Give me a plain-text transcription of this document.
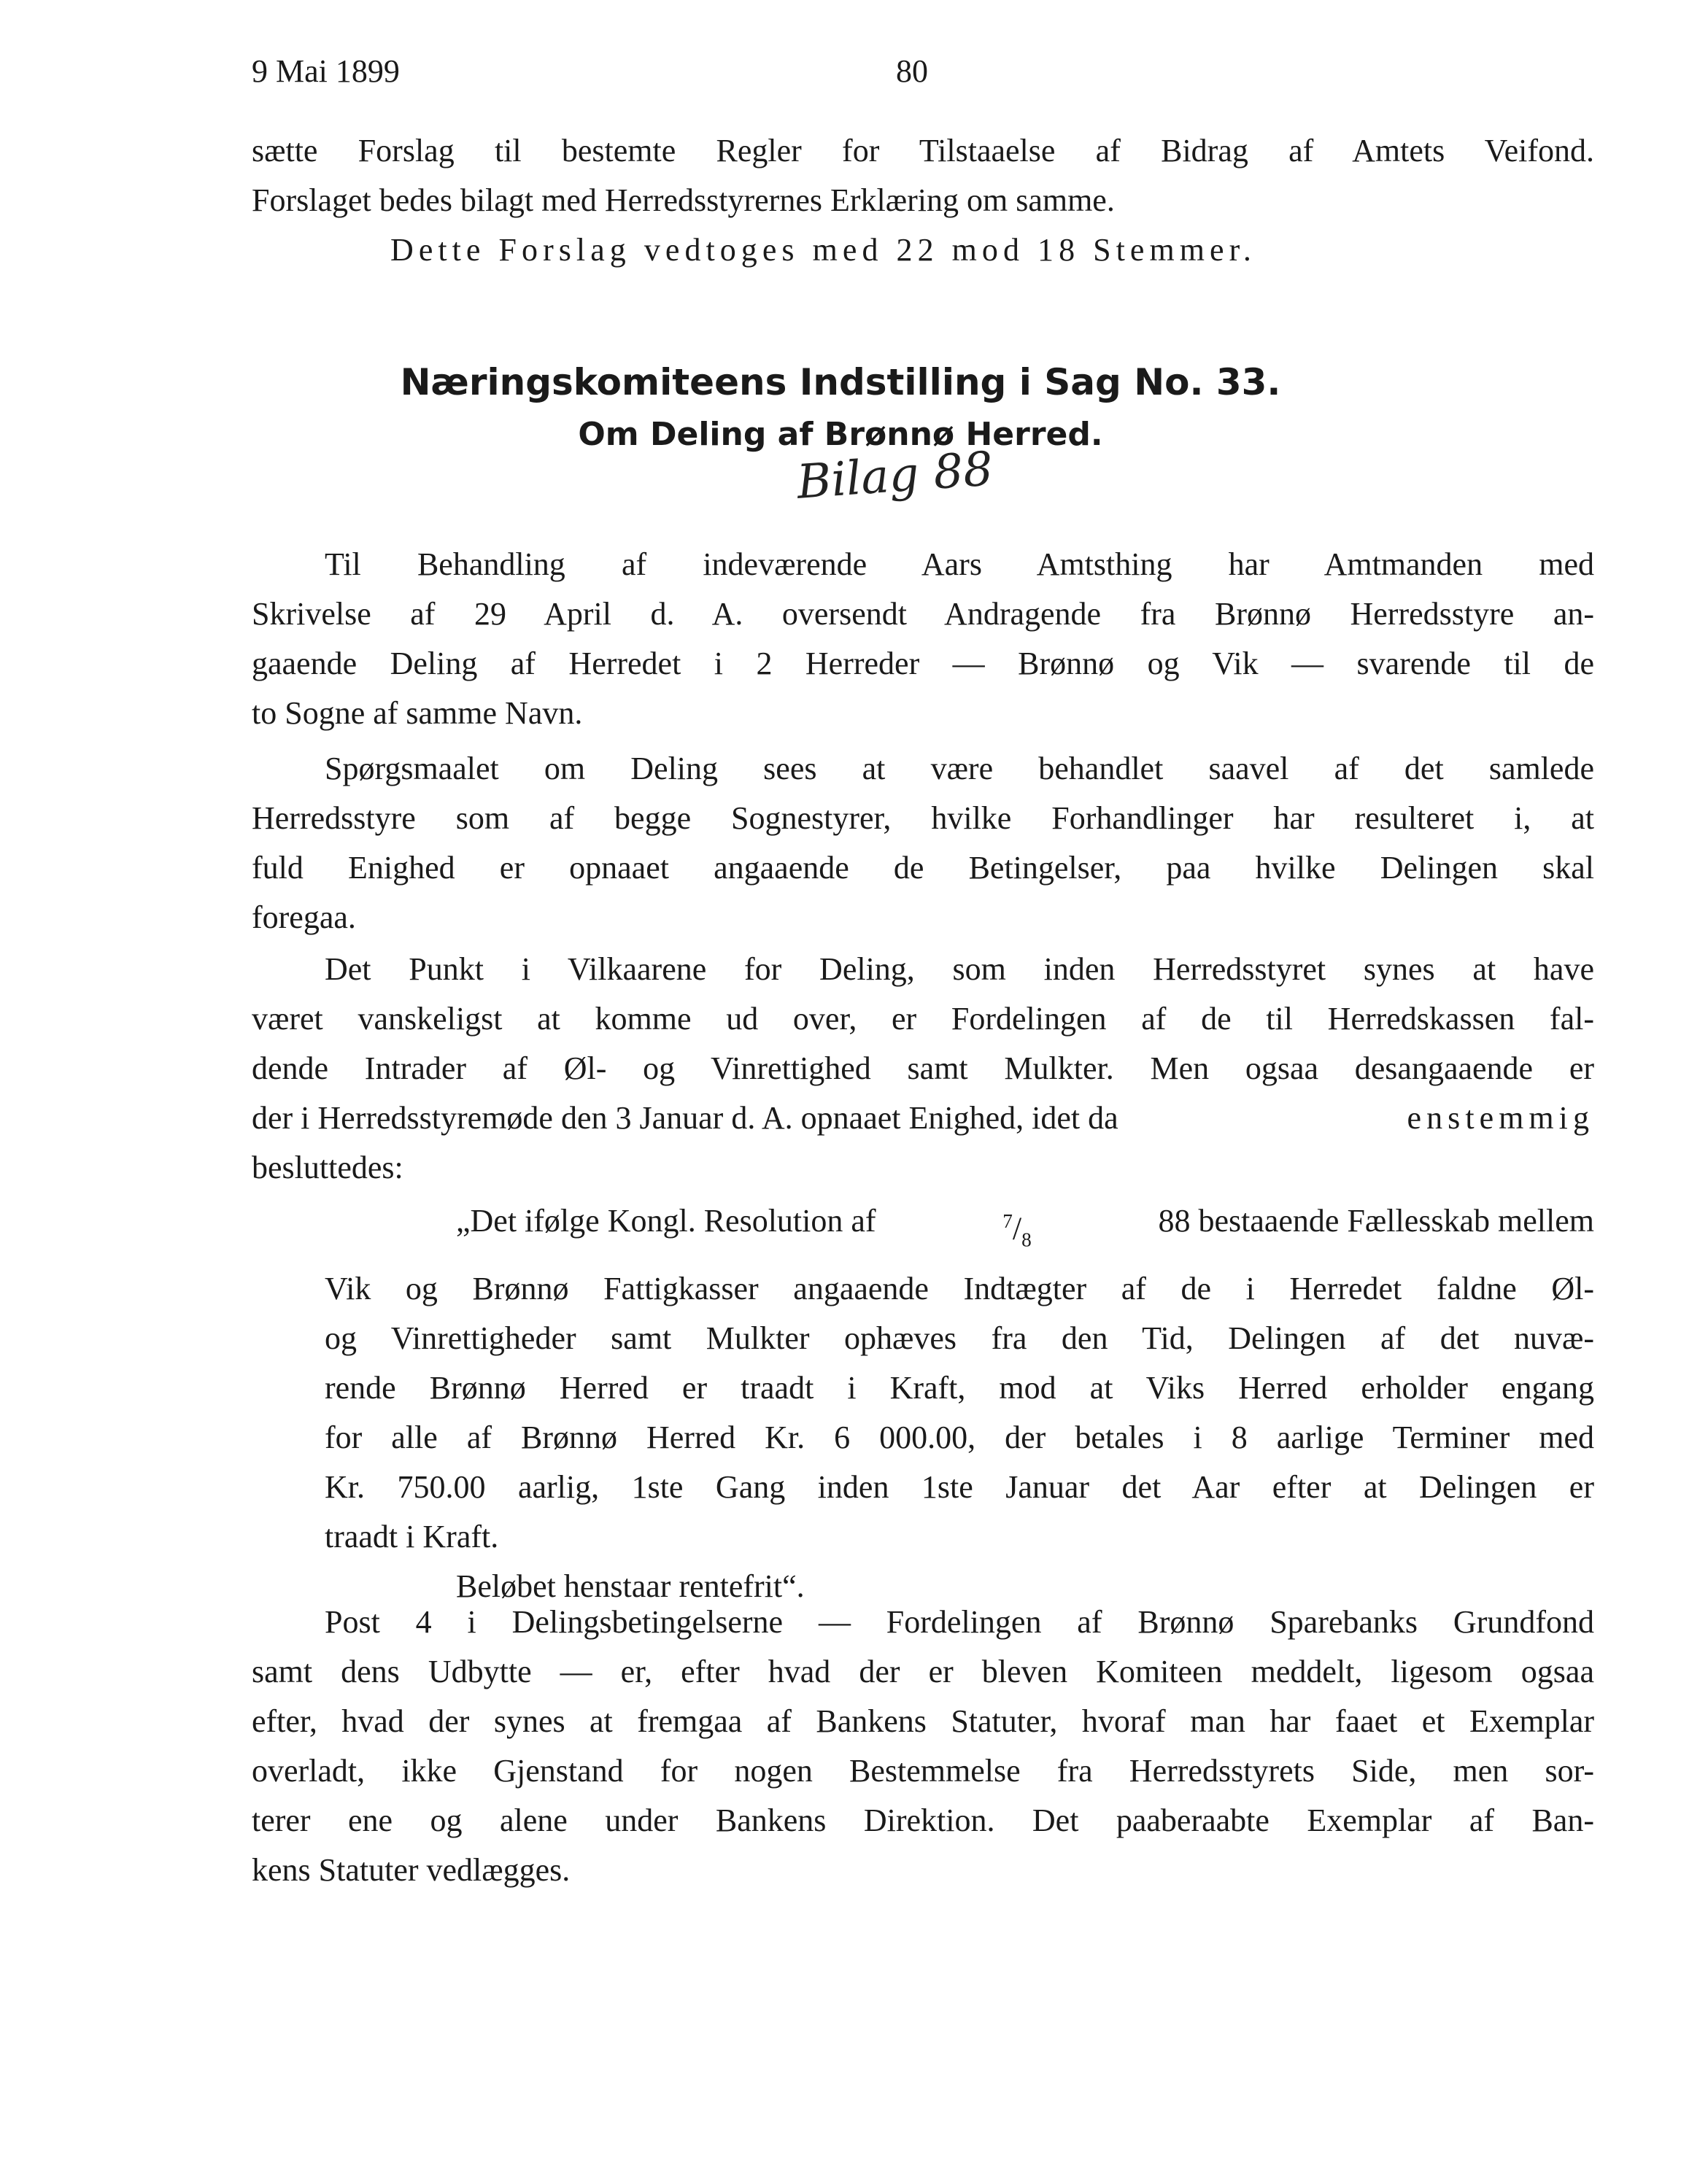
9 Mai 1899	80
sætte Forslag til bestemte Regler for Tilstaaelse af Bidrag af Amtets Veifond.
Forslaget bedes bilagt med Herredsstyrernes Erklæring om samme.
Dette Forslag vedtoges med 22 mod 18 Stemmer.
Næringskomiteens Indstilling i Sag No. 33.
Om Deling af Brønnø Herred.
Bilag 88
Til Behandling af indeværende Aars Amtsthing har Amtmanden med
Skrivelse af 29 April d. A. oversendt Andragende fra Brønnø Herredsstyre an-
gaaende Deling af Herredet i 2 Herreder — Brønnø og Vik — svarende til de
to Sogne af samme Navn.
Spørgsmaalet om Deling sees at være behandlet saavel af det samlede
Herredsstyre som af begge Sognestyrer, hvilke Forhandlinger har resulteret i, at
fuld Enighed er opnaaet angaaende de Betingelser, paa hvilke Delingen skal
foregaa.
Det Punkt i Vilkaarene for Deling, som inden Herredsstyret synes at have
været vanskeligst at komme ud over, er Fordelingen af de til Herredskassen fal-
dende Intrader af Øl- og Vinrettighed samt Mulkter. Men ogsaa desangaaende er
der i Herredsstyremøde den 3 Januar d. A. opnaaet Enighed, idet da	enstemmig
besluttedes:
„Det ifølge Kongl. Resolution af	$^7/_8$
88 bestaaende Fællesskab mellem
Vik og Brønnø Fattigkasser angaaende Indtægter af de i Herredet faldne Øl-
og Vinrettigheder samt Mulkter ophæves fra den Tid, Delingen af det nuvæ-
rende Brønnø Herred er traadt i Kraft, mod at Viks Herred erholder engang
for alle af Brønnø Herred Kr. 6 000.00, der betales i 8 aarlige Terminer med
Kr. 750.00 aarlig, 1ste Gang inden 1ste Januar det Aar efter at Delingen er
traadt i Kraft.
Beløbet henstaar rentefrit“.
Post 4 i Delingsbetingelserne — Fordelingen af Brønnø Sparebanks Grundfond
samt dens Udbytte — er, efter hvad der er bleven Komiteen meddelt, ligesom ogsaa
efter, hvad der synes at fremgaa af Bankens Statuter, hvoraf man har faaet et Exemplar
overladt, ikke Gjenstand for nogen Bestemmelse fra Herredsstyrets Side, men sor-
terer ene og alene under Bankens Direktion. Det paaberaabte Exemplar af Ban-
kens Statuter vedlægges.
